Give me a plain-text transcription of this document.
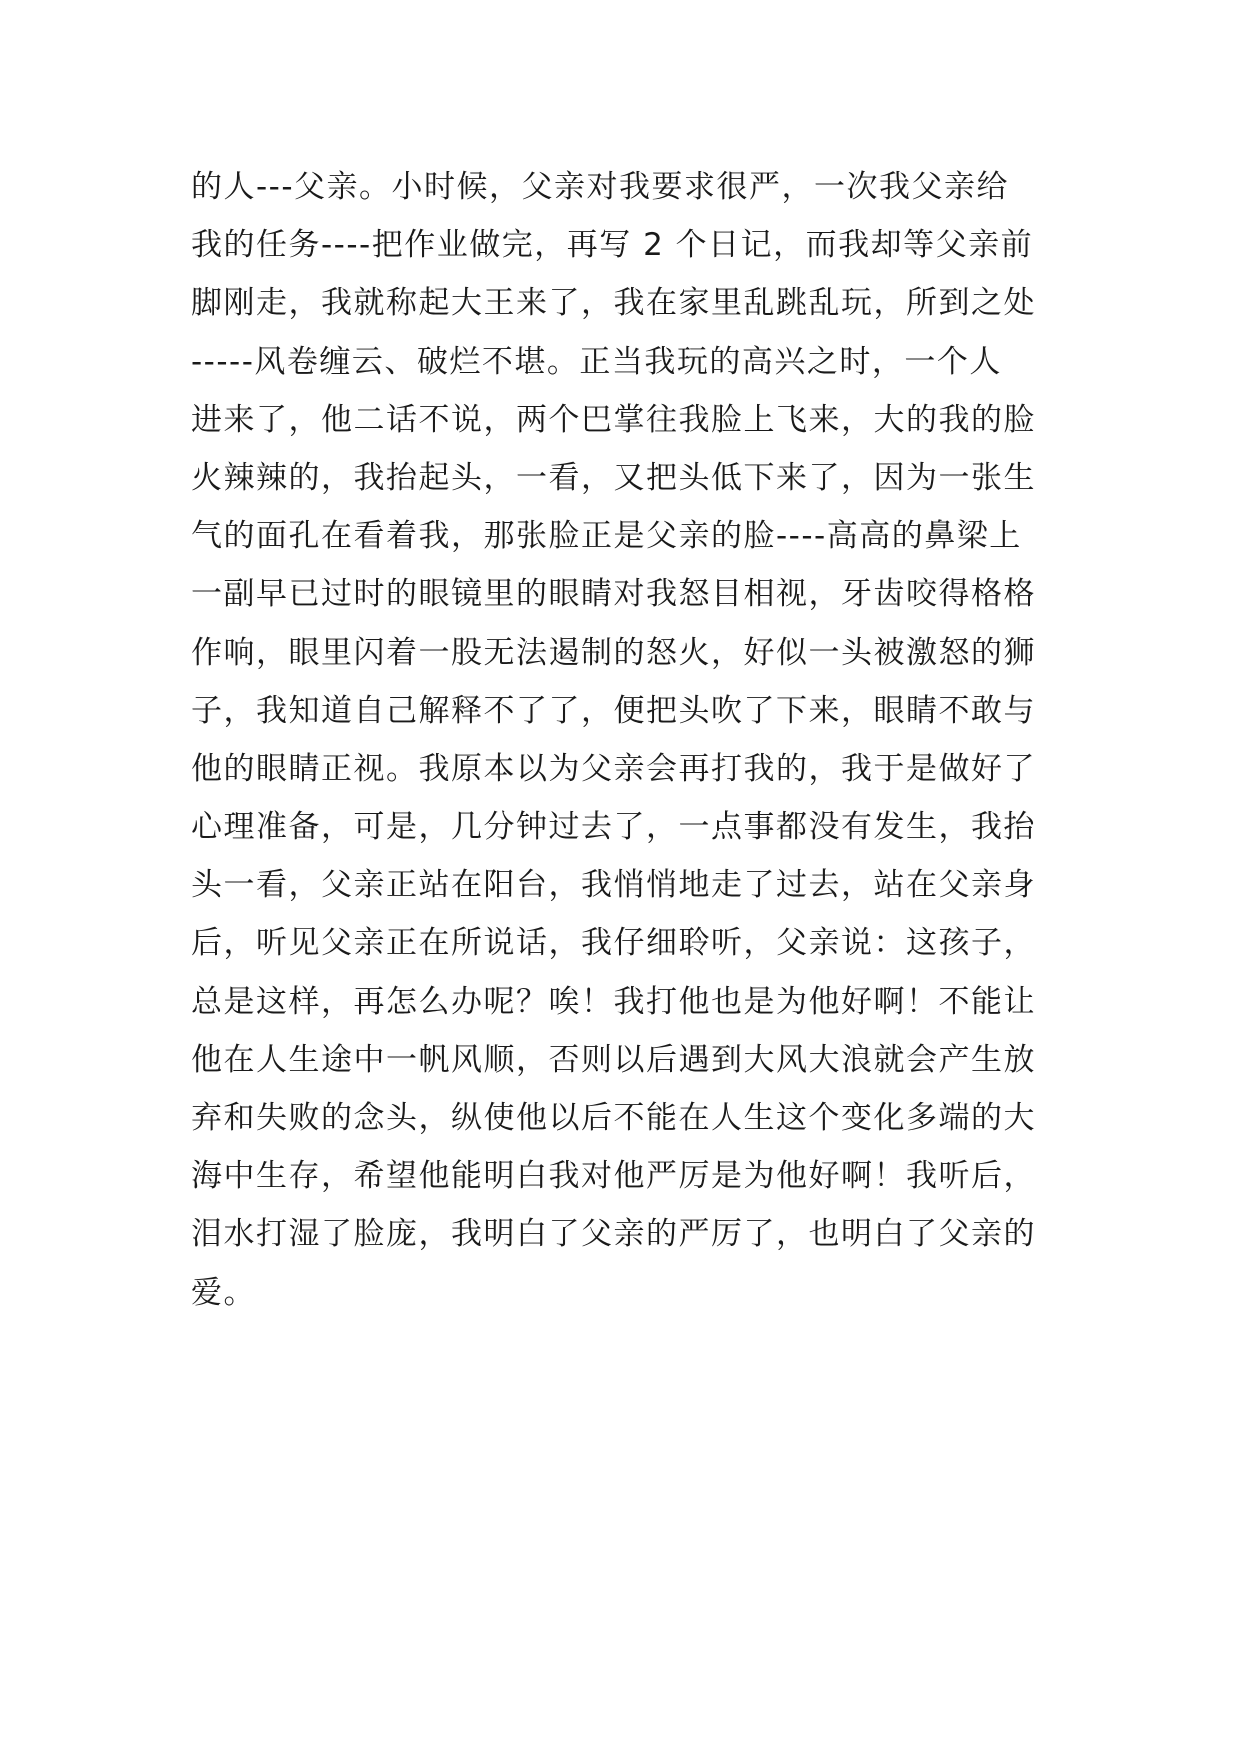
的人---父亲。小时候，父亲对我要求很严，一次我父亲给
我的任务----把作业做完，再写 2 个日记，而我却等父亲前
脚刚走，我就称起大王来了，我在家里乱跳乱玩，所到之处
-----风卷缠云、破烂不堪。正当我玩的高兴之时，一个人
进来了，他二话不说，两个巴掌往我脸上飞来，大的我的脸
火辣辣的，我抬起头，一看，又把头低下来了，因为一张生
气的面孔在看着我，那张脸正是父亲的脸----高高的鼻梁上
一副早已过时的眼镜里的眼睛对我怒目相视，牙齿咬得格格
作响，眼里闪着一股无法遏制的怒火，好似一头被激怒的狮
子，我知道自己解释不了了，便把头吹了下来，眼睛不敢与
他的眼睛正视。我原本以为父亲会再打我的，我于是做好了
心理准备，可是，几分钟过去了，一点事都没有发生，我抬
头一看，父亲正站在阳台，我悄悄地走了过去，站在父亲身
后，听见父亲正在所说话，我仔细聆听，父亲说：这孩子，
总是这样，再怎么办呢？唉！我打他也是为他好啊！不能让
他在人生途中一帆风顺，否则以后遇到大风大浪就会产生放
弃和失败的念头，纵使他以后不能在人生这个变化多端的大
海中生存，希望他能明白我对他严厉是为他好啊！我听后，
泪水打湿了脸庞，我明白了父亲的严厉了，也明白了父亲的
爱。
